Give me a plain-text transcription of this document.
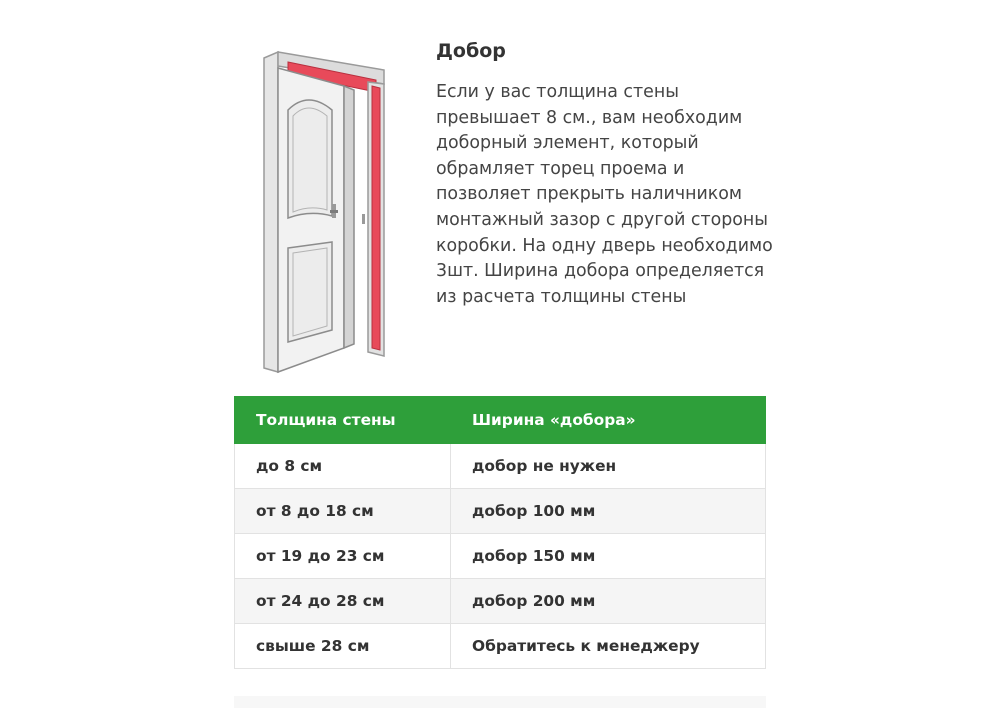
Добор

Если у вас толщина стены превышает 8 см., вам необходим доборный элемент, который обрамляет торец проема и позволяет прекрыть наличником монтажный зазор с другой стороны коробки. На одну дверь необходимо 3шт. Ширина добора определяется из расчета толщины стены

Толщина стены	Ширина «добора»
до 8 см	добор не нужен
от 8 до 18 см	добор 100 мм
от 19 до 23 см	добор 150 мм
от 24 до 28 см	добор 200 мм
свыше 28 см	Обратитесь к менеджеру
